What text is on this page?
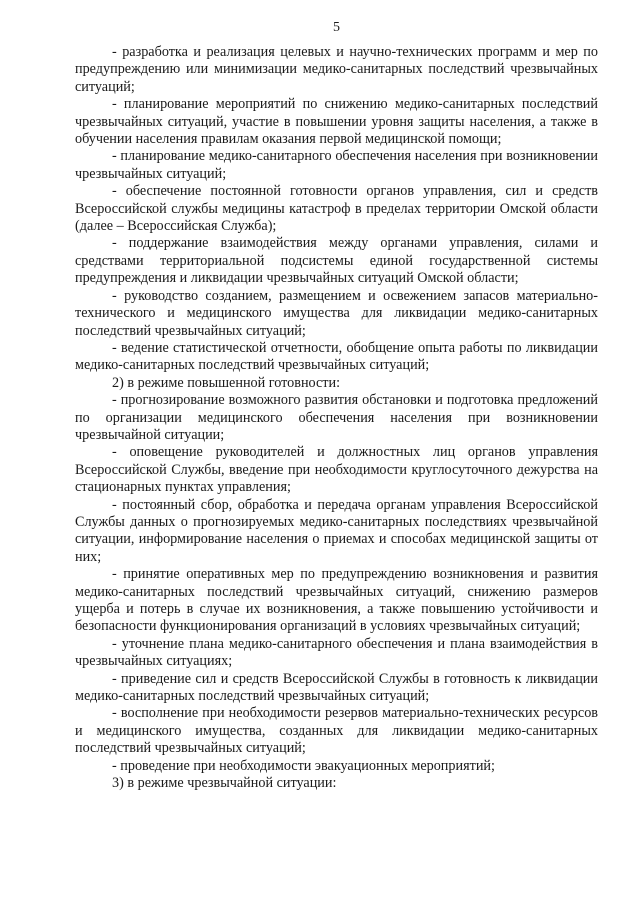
5

- разработка и реализация целевых и научно-технических программ и мер по предупреждению или минимизации медико-санитарных последствий чрезвычайных ситуаций;

- планирование мероприятий по снижению медико-санитарных последствий чрезвычайных ситуаций, участие в повышении уровня защиты населения, а также в обучении населения правилам оказания первой медицинской помощи;

- планирование медико-санитарного обеспечения населения при возникновении чрезвычайных ситуаций;

- обеспечение постоянной готовности органов управления, сил и средств Всероссийской службы медицины катастроф в пределах территории Омской области (далее – Всероссийская Служба);

- поддержание взаимодействия между органами управления, силами и средствами территориальной подсистемы единой государственной системы предупреждения и ликвидации чрезвычайных ситуаций Омской области;

- руководство созданием, размещением и освежением запасов материально-технического и медицинского имущества для ликвидации медико-санитарных последствий чрезвычайных ситуаций;

- ведение статистической отчетности, обобщение опыта работы по ликвидации медико-санитарных последствий чрезвычайных ситуаций;

2) в режиме повышенной готовности:

- прогнозирование возможного развития обстановки и подготовка предложений по организации медицинского обеспечения населения при возникновении чрезвычайной ситуации;

- оповещение руководителей и должностных лиц органов управления Всероссийской Службы, введение при необходимости круглосуточного дежурства на стационарных пунктах управления;

- постоянный сбор, обработка и передача органам управления Всероссийской Службы данных о прогнозируемых медико-санитарных последствиях чрезвычайной ситуации, информирование населения о приемах и способах медицинской защиты от них;

- принятие оперативных мер по предупреждению возникновения и развития медико-санитарных последствий чрезвычайных ситуаций, снижению размеров ущерба и потерь в случае их возникновения, а также повышению устойчивости и безопасности функционирования организаций в условиях чрезвычайных ситуаций;

- уточнение плана медико-санитарного обеспечения и плана взаимодействия в чрезвычайных ситуациях;

- приведение сил и средств Всероссийской Службы в готовность к ликвидации медико-санитарных последствий чрезвычайных ситуаций;

- восполнение при необходимости резервов материально-технических ресурсов и медицинского имущества, созданных для ликвидации медико-санитарных последствий чрезвычайных ситуаций;

- проведение при необходимости эвакуационных мероприятий;

3) в режиме чрезвычайной ситуации:
